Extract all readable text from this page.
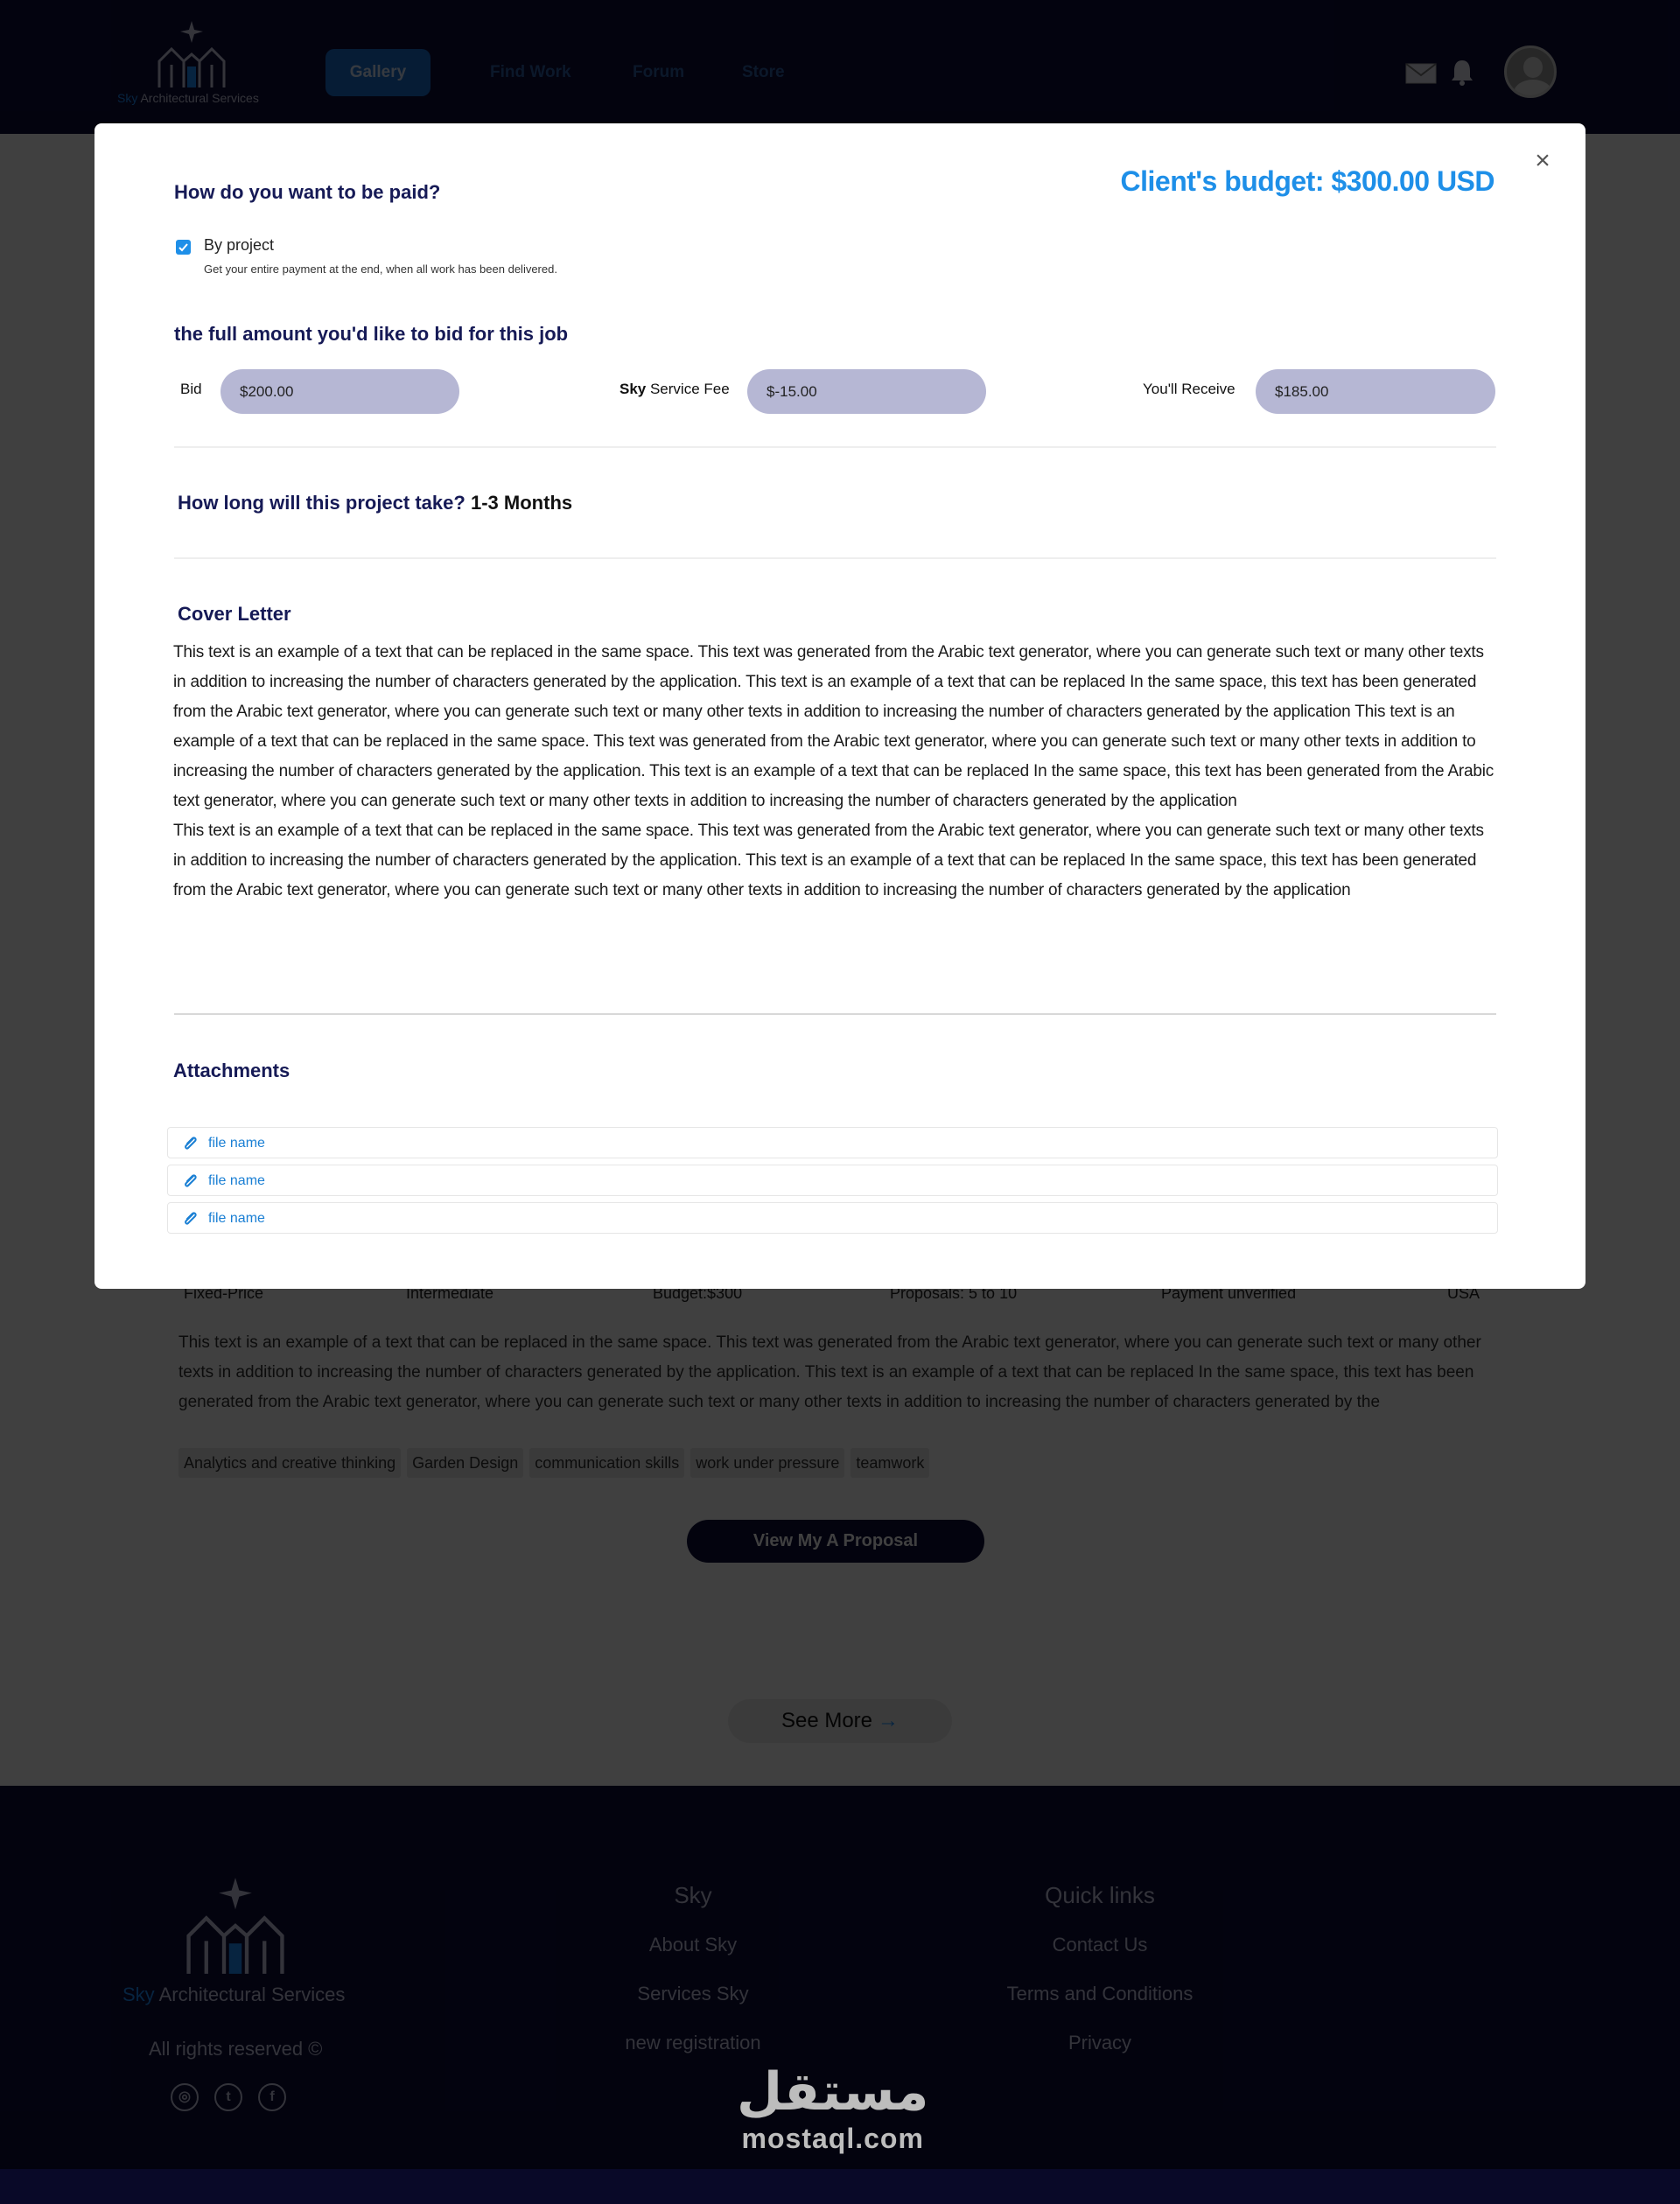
مستقل
mostaql.com
×
Client's budget: $300.00 USD
How do you want to be paid?
By project
Get your entire payment at the end, when all work has been delivered.
the full amount you'd like to bid for this job
Bid
$200.00	Sky Service Fee
$-15.00	You'll Receive
$185.00
How long will this project take? 1-3 Months
Cover Letter

This text is an example of a text that can be replaced in the same space. This text was generated from the Arabic text generator, where you can generate such text or many other texts in addition to increasing the number of characters generated by the application. This text is an example of a text that can be replaced In the same space, this text has been generated from the Arabic text generator, where you can generate such text or many other texts in addition to increasing the number of characters generated by the application This text is an example of a text that can be replaced in the same space. This text was generated from the Arabic text generator, where you can generate such text or many other texts in addition to increasing the number of characters generated by the application. This text is an example of a text that can be replaced In the same space, this text has been generated from the Arabic text generator, where you can generate such text or many other texts in addition to increasing the number of characters generated by the application

This text is an example of a text that can be replaced in the same space. This text was generated from the Arabic text generator, where you can generate such text or many other texts in addition to increasing the number of characters generated by the application. This text is an example of a text that can be replaced In the same space, this text has been generated from the Arabic text generator, where you can generate such text or many other texts in addition to increasing the number of characters generated by the application

Attachments
file name
file name
file name
